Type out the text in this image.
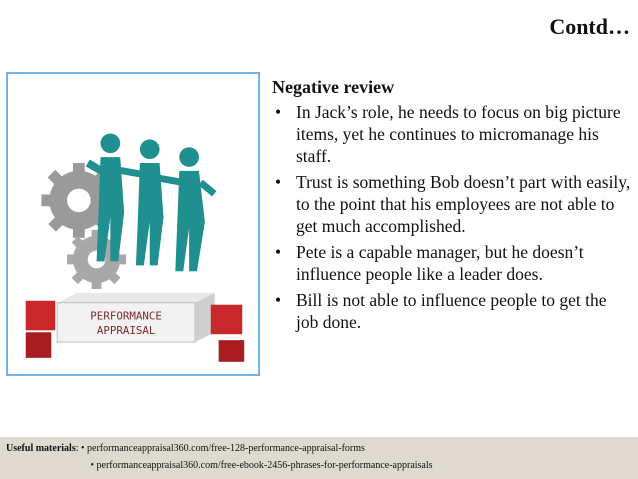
Contd…
PERFORMANCE
APPRAISAL
Negative review
• In Jack’s role, he needs to focus on big picture items, yet he continues to micromanage his staff.
• Trust is something Bob doesn’t part with easily, to the point that his employees are not able to get much accomplished.
• Pete is a capable manager, but he doesn’t influence people like a leader does.
• Bill is not able to influence people to get the job done.
Useful materials: • performanceappraisal360.com/free-128-performance-appraisal-forms
• performanceappraisal360.com/free-ebook-2456-phrases-for-performance-appraisals
